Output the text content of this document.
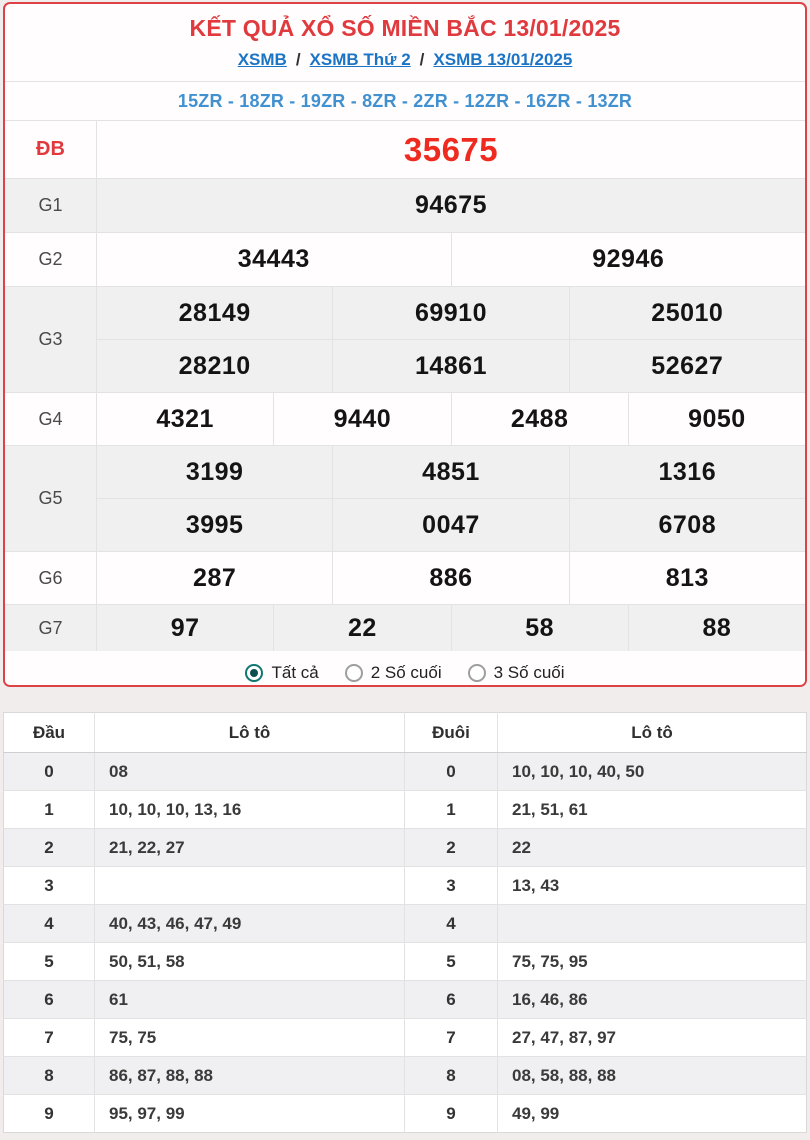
KẾT QUẢ XỔ SỐ MIỀN BẮC 13/01/2025
XSMB / XSMB Thứ 2 / XSMB 13/01/2025
15ZR - 18ZR - 19ZR - 8ZR - 2ZR - 12ZR - 16ZR - 13ZR
ĐB	35675
G1	94675
G2	34443	92946
G3
28149	69910	25010
28210	14861	52627
G4	4321	9440	2488	9050
G5
3199	4851	1316
3995	0047	6708
G6	287	886	813
G7	97	22	58	88
Tất cả	2 Số cuối	3 Số cuối
Đầu	Lô tô	Đuôi	Lô tô
0	08	0	10, 10, 10, 40, 50
1	10, 10, 10, 13, 16	1	21, 51, 61
2	21, 22, 27	2	22
3		3	13, 43
4	40, 43, 46, 47, 49	4	
5	50, 51, 58	5	75, 75, 95
6	61	6	16, 46, 86
7	75, 75	7	27, 47, 87, 97
8	86, 87, 88, 88	8	08, 58, 88, 88
9	95, 97, 99	9	49, 99
